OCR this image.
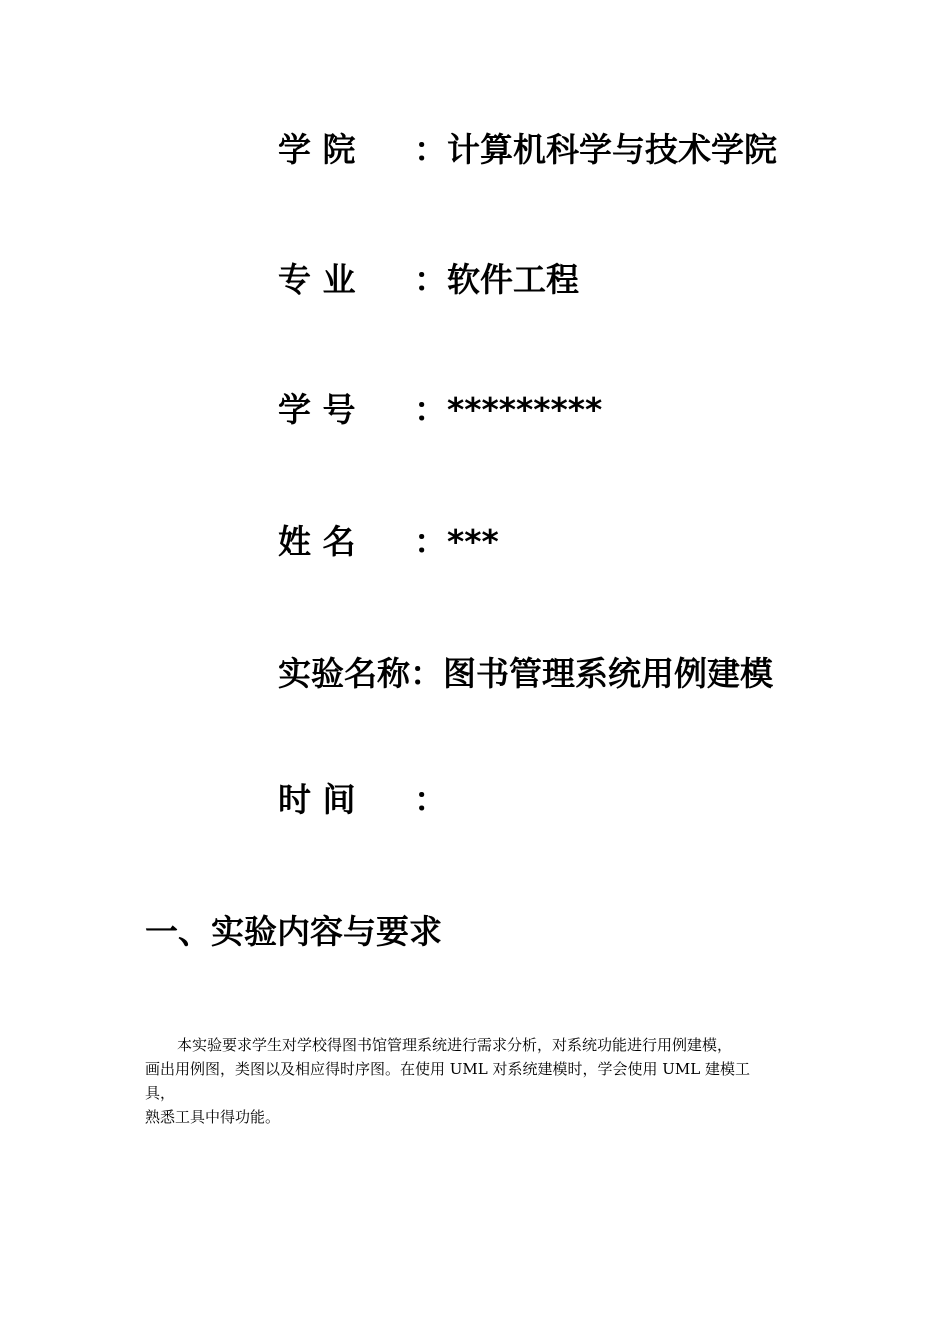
学 院 ：计算机科学与技术学院
专 业 ：软件工程
学 号 ：*********
姓 名 ：***
实验名称：图书管理系统用例建模
时 间 ：
一、实验内容与要求

本实验要求学生对学校得图书馆管理系统进行需求分析，对系统功能进行用例建模，

画出用例图，类图以及相应得时序图。在使用 UML 对系统建模时，学会使用 UML 建模工

具，

熟悉工具中得功能。
